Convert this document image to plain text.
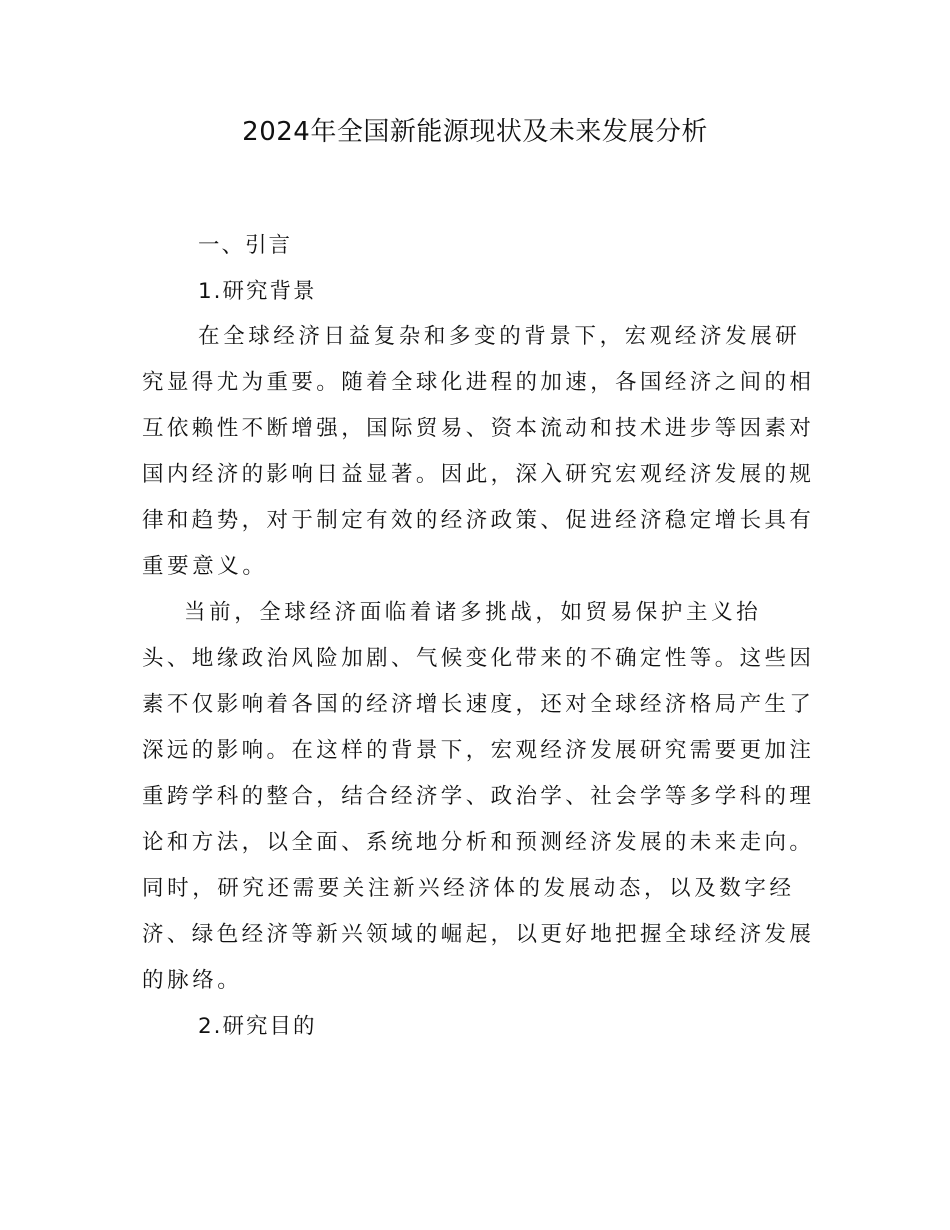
2024年全国新能源现状及未来发展分析
一、引言
1.研究背景
在全球经济日益复杂和多变的背景下，宏观经济发展研
究显得尤为重要。随着全球化进程的加速，各国经济之间的相
互依赖性不断增强，国际贸易、资本流动和技术进步等因素对
国内经济的影响日益显著。因此，深入研究宏观经济发展的规
律和趋势，对于制定有效的经济政策、促进经济稳定增长具有
重要意义。
当前，全球经济面临着诸多挑战，如贸易保护主义抬
头、地缘政治风险加剧、气候变化带来的不确定性等。这些因
素不仅影响着各国的经济增长速度，还对全球经济格局产生了
深远的影响。在这样的背景下，宏观经济发展研究需要更加注
重跨学科的整合，结合经济学、政治学、社会学等多学科的理
论和方法，以全面、系统地分析和预测经济发展的未来走向。
同时，研究还需要关注新兴经济体的发展动态，以及数字经
济、绿色经济等新兴领域的崛起，以更好地把握全球经济发展
的脉络。
2.研究目的
